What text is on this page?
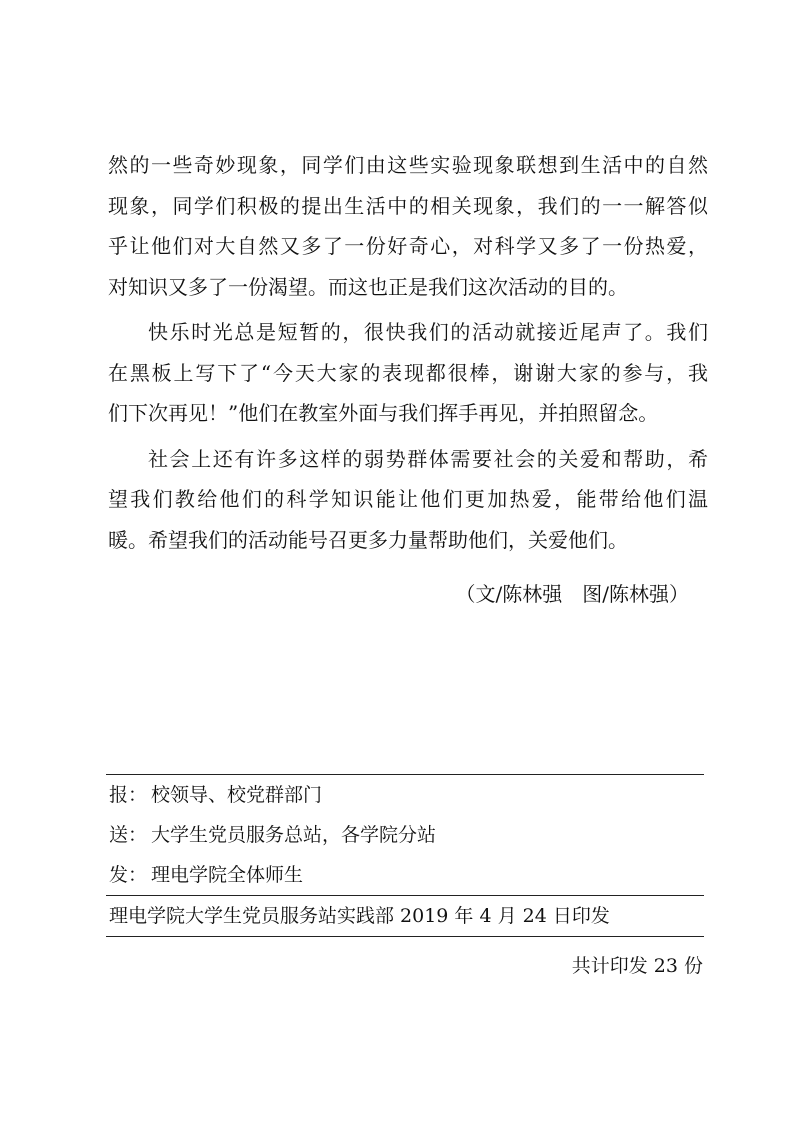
然的一些奇妙现象，同学们由这些实验现象联想到生活中的自然
现象，同学们积极的提出生活中的相关现象，我们的一一解答似
乎让他们对大自然又多了一份好奇心，对科学又多了一份热爱，
对知识又多了一份渴望。而这也正是我们这次活动的目的。
快乐时光总是短暂的，很快我们的活动就接近尾声了。我们
在黑板上写下了“今天大家的表现都很棒，谢谢大家的参与，我
们下次再见！”他们在教室外面与我们挥手再见，并拍照留念。
社会上还有许多这样的弱势群体需要社会的关爱和帮助，希
望我们教给他们的科学知识能让他们更加热爱，能带给他们温
暖。希望我们的活动能号召更多力量帮助他们，关爱他们。
（文/陈林强　图/陈林强）
报： 校领导、校党群部门
送： 大学生党员服务总站，各学院分站
发： 理电学院全体师生
理电学院大学生党员服务站实践部 2019 年 4 月 24 日印发
共计印发 23 份
